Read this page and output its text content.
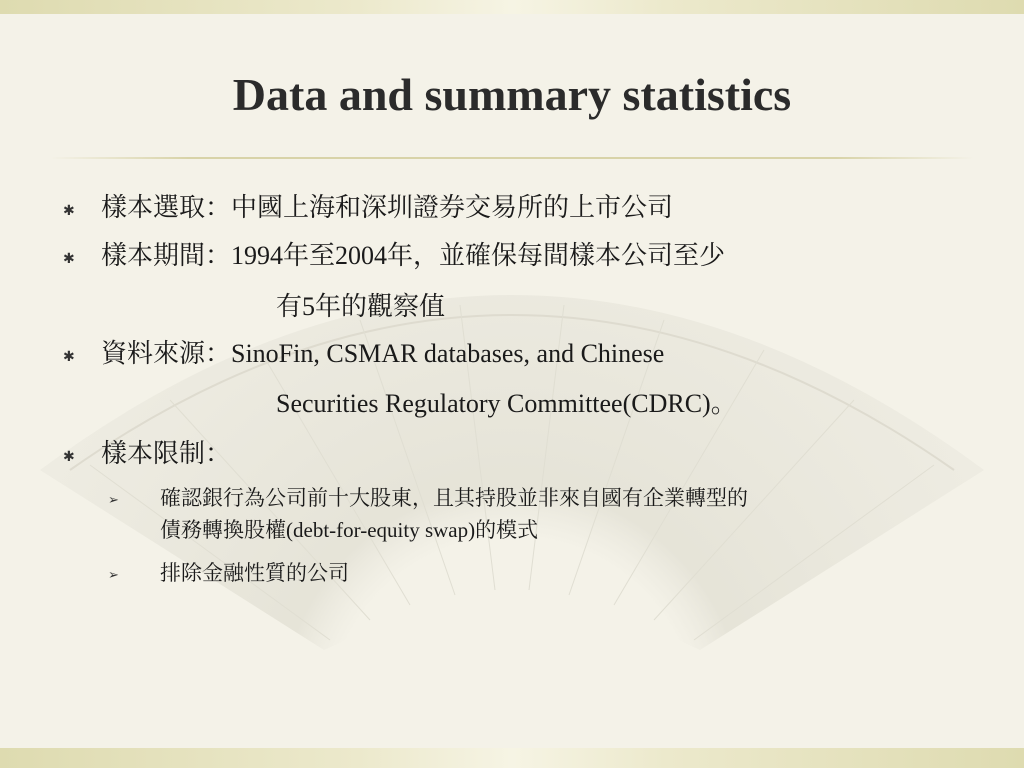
Data and summary statistics
✱ 樣本選取：中國上海和深圳證券交易所的上市公司
✱ 樣本期間：1994年至2004年，並確保每間樣本公司至少
有5年的觀察值
✱ 資料來源：SinoFin, CSMAR databases, and Chinese
Securities Regulatory Committee(CDRC)。
✱ 樣本限制：
➢ 確認銀行為公司前十大股東，且其持股並非來自國有企業轉型的
債務轉換股權(debt-for-equity swap)的模式
➢ 排除金融性質的公司
